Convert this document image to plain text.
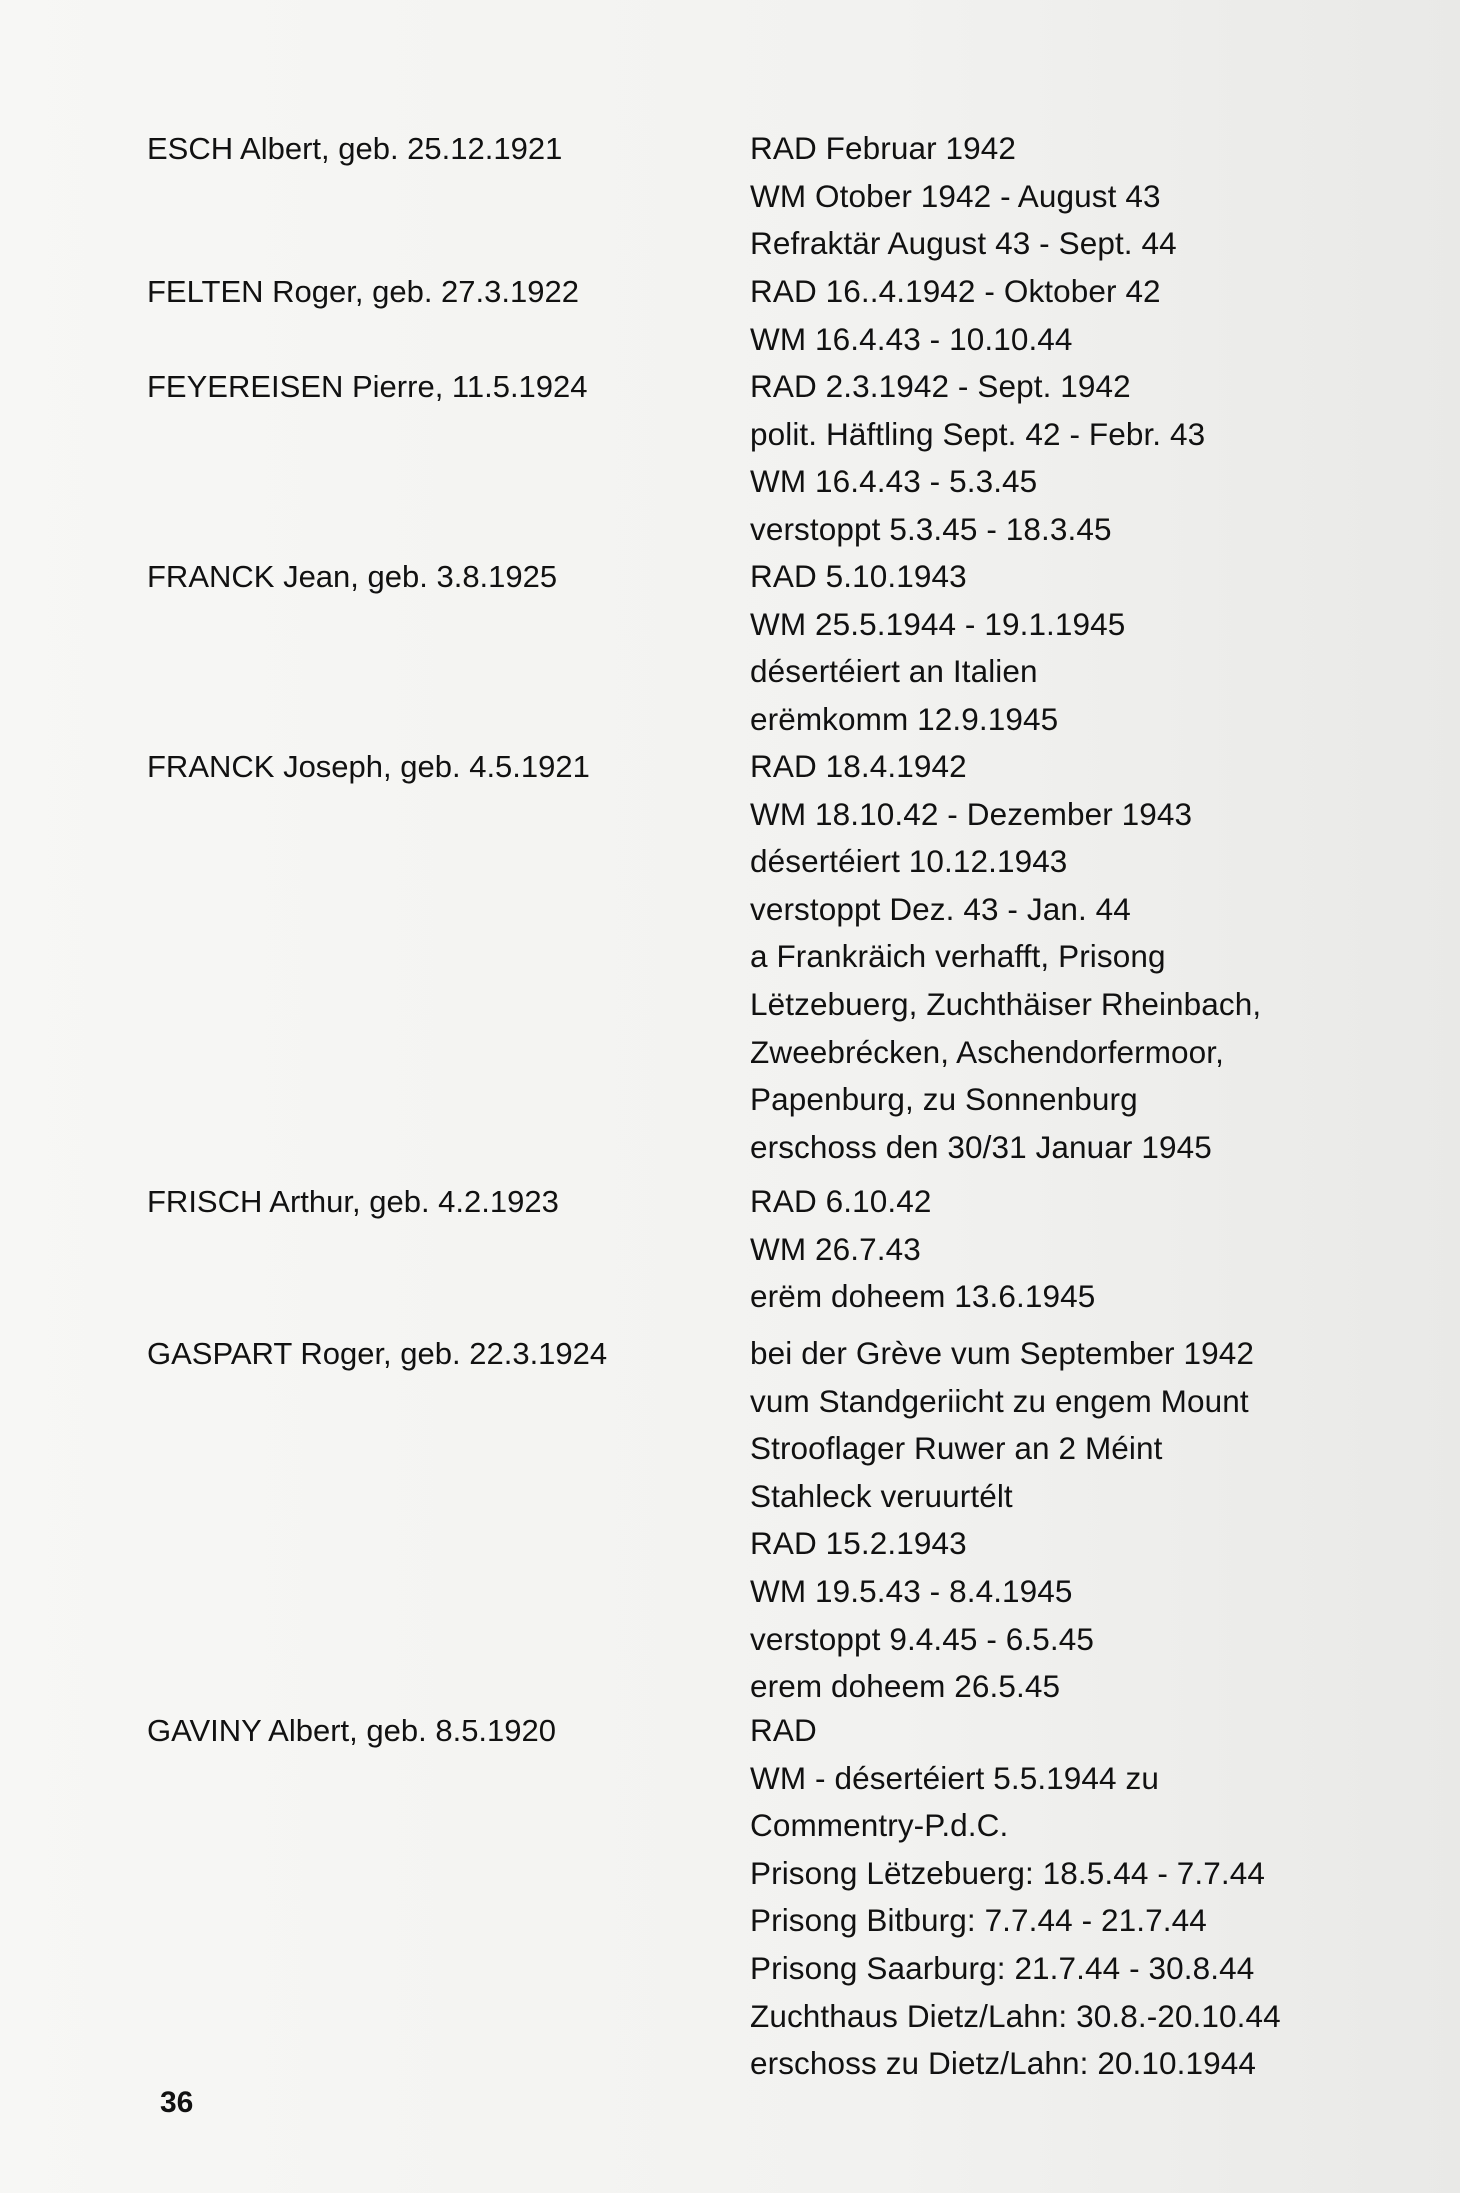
ESCH Albert, geb. 25.12.1921	RAD Februar 1942
WM Otober 1942 - August 43
Refraktär August 43 - Sept. 44
FELTEN Roger, geb. 27.3.1922	RAD 16..4.1942 - Oktober 42
WM 16.4.43 - 10.10.44
FEYEREISEN Pierre, 11.5.1924	RAD 2.3.1942 - Sept. 1942
polit. Häftling Sept. 42 - Febr. 43
WM 16.4.43 - 5.3.45
verstoppt 5.3.45 - 18.3.45
FRANCK Jean, geb. 3.8.1925	RAD 5.10.1943
WM 25.5.1944 - 19.1.1945
désertéiert an Italien
erëmkomm 12.9.1945
FRANCK Joseph, geb. 4.5.1921	RAD 18.4.1942
WM 18.10.42 - Dezember 1943
désertéiert 10.12.1943
verstoppt Dez. 43 - Jan. 44
a Frankräich verhafft, Prisong
Lëtzebuerg, Zuchthäiser Rheinbach,
Zweebrécken, Aschendorfermoor,
Papenburg, zu Sonnenburg
erschoss den 30/31 Januar 1945
FRISCH Arthur, geb. 4.2.1923	RAD 6.10.42
WM 26.7.43
erëm doheem 13.6.1945
GASPART Roger, geb. 22.3.1924	bei der Grève vum September 1942
vum Standgeriicht zu engem Mount
Strooflager Ruwer an 2 Méint
Stahleck veruurtélt
RAD 15.2.1943
WM 19.5.43 - 8.4.1945
verstoppt 9.4.45 - 6.5.45
erem doheem 26.5.45
GAVINY Albert, geb. 8.5.1920	RAD
WM - désertéiert 5.5.1944 zu
Commentry-P.d.C.
Prisong Lëtzebuerg: 18.5.44 - 7.7.44
Prisong Bitburg: 7.7.44 - 21.7.44
Prisong Saarburg: 21.7.44 - 30.8.44
Zuchthaus Dietz/Lahn: 30.8.-20.10.44
erschoss zu Dietz/Lahn: 20.10.1944
36
